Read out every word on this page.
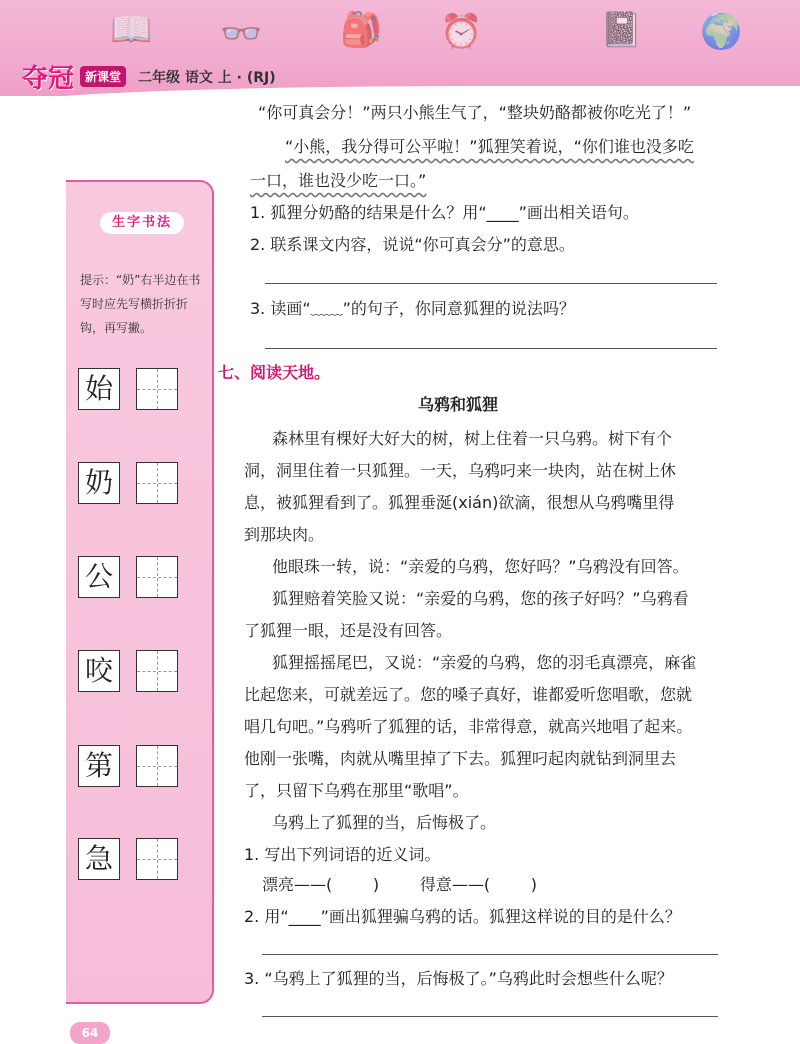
📖 👓 🎒 ⏰	📓 🌍
夺冠 新课堂	二年级 语文 上 · (RJ)
“你可真会分！”两只小熊生气了，“整块奶酪都被你吃光了！”
“小熊，我分得可公平啦！”狐狸笑着说，“你们谁也没多吃
一口，谁也没少吃一口。”
1. 狐狸分奶酪的结果是什么？用“____”画出相关语句。
2. 联系课文内容，说说“你可真会分”的意思。
3. 读画“﹏﹏”的句子，你同意狐狸的说法吗？
生字书法
提示：“奶”右半边在书写时应先写横折折折钩，再写撇。
始
奶
公
咬
第
急
七、阅读天地。
乌鸦和狐狸
森林里有棵好大好大的树，树上住着一只乌鸦。树下有个
洞，洞里住着一只狐狸。一天，乌鸦叼来一块肉，站在树上休
息，被狐狸看到了。狐狸垂涎(xián)欲滴，很想从乌鸦嘴里得
到那块肉。
他眼珠一转，说：“亲爱的乌鸦，您好吗？”乌鸦没有回答。
狐狸赔着笑脸又说：“亲爱的乌鸦，您的孩子好吗？”乌鸦看
了狐狸一眼，还是没有回答。
狐狸摇摇尾巴，又说：“亲爱的乌鸦，您的羽毛真漂亮，麻雀
比起您来，可就差远了。您的嗓子真好，谁都爱听您唱歌，您就
唱几句吧。”乌鸦听了狐狸的话，非常得意，就高兴地唱了起来。
他刚一张嘴，肉就从嘴里掉了下去。狐狸叼起肉就钻到洞里去
了，只留下乌鸦在那里“歌唱”。
乌鸦上了狐狸的当，后悔极了。
1. 写出下列词语的近义词。
漂亮——(        )        得意——(        )
2. 用“____”画出狐狸骗乌鸦的话。狐狸这样说的目的是什么？
3. “乌鸦上了狐狸的当，后悔极了。”乌鸦此时会想些什么呢？
64
